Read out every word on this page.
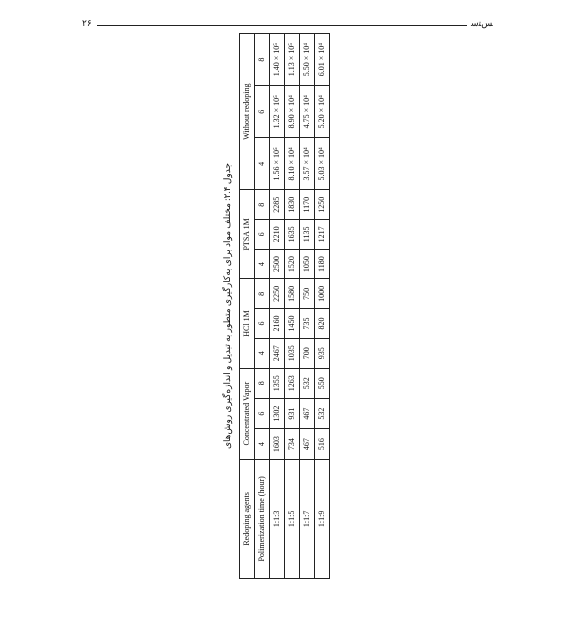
۲۶	ﺲﺘﺳ
جدول ۲.۴: مختلف مواد برای به‌کارگیری متطور به تبدیل و اندازه‌گیری روش‌های
Redoping agents	Concentrated Vapor			HCl 1M			PTSA 1M			Without redoping		
Polimerization time (hour)	4	6	8	4	6	8	4	6	8	4	6	8
1:1:3	1603	1302	1355	2467	2160	2250	2500	2210	2285	1.56 × 10⁵	1.32 × 10⁵	1.40 × 10⁵
1:1:5	734	931	1263	1035	1450	1580	1520	1635	1830	8.10 × 10⁴	8.90 × 10⁴	1.13 × 10⁵
1:1:7	467	467	532	700	735	750	1050	1135	1170	3.57 × 10⁴	4.75 × 10⁴	5.50 × 10⁴
1:1:9	516	532	550	935	820	1000	1180	1217	1250	5.03 × 10⁴	5.20 × 10⁴	6.01 × 10⁴
